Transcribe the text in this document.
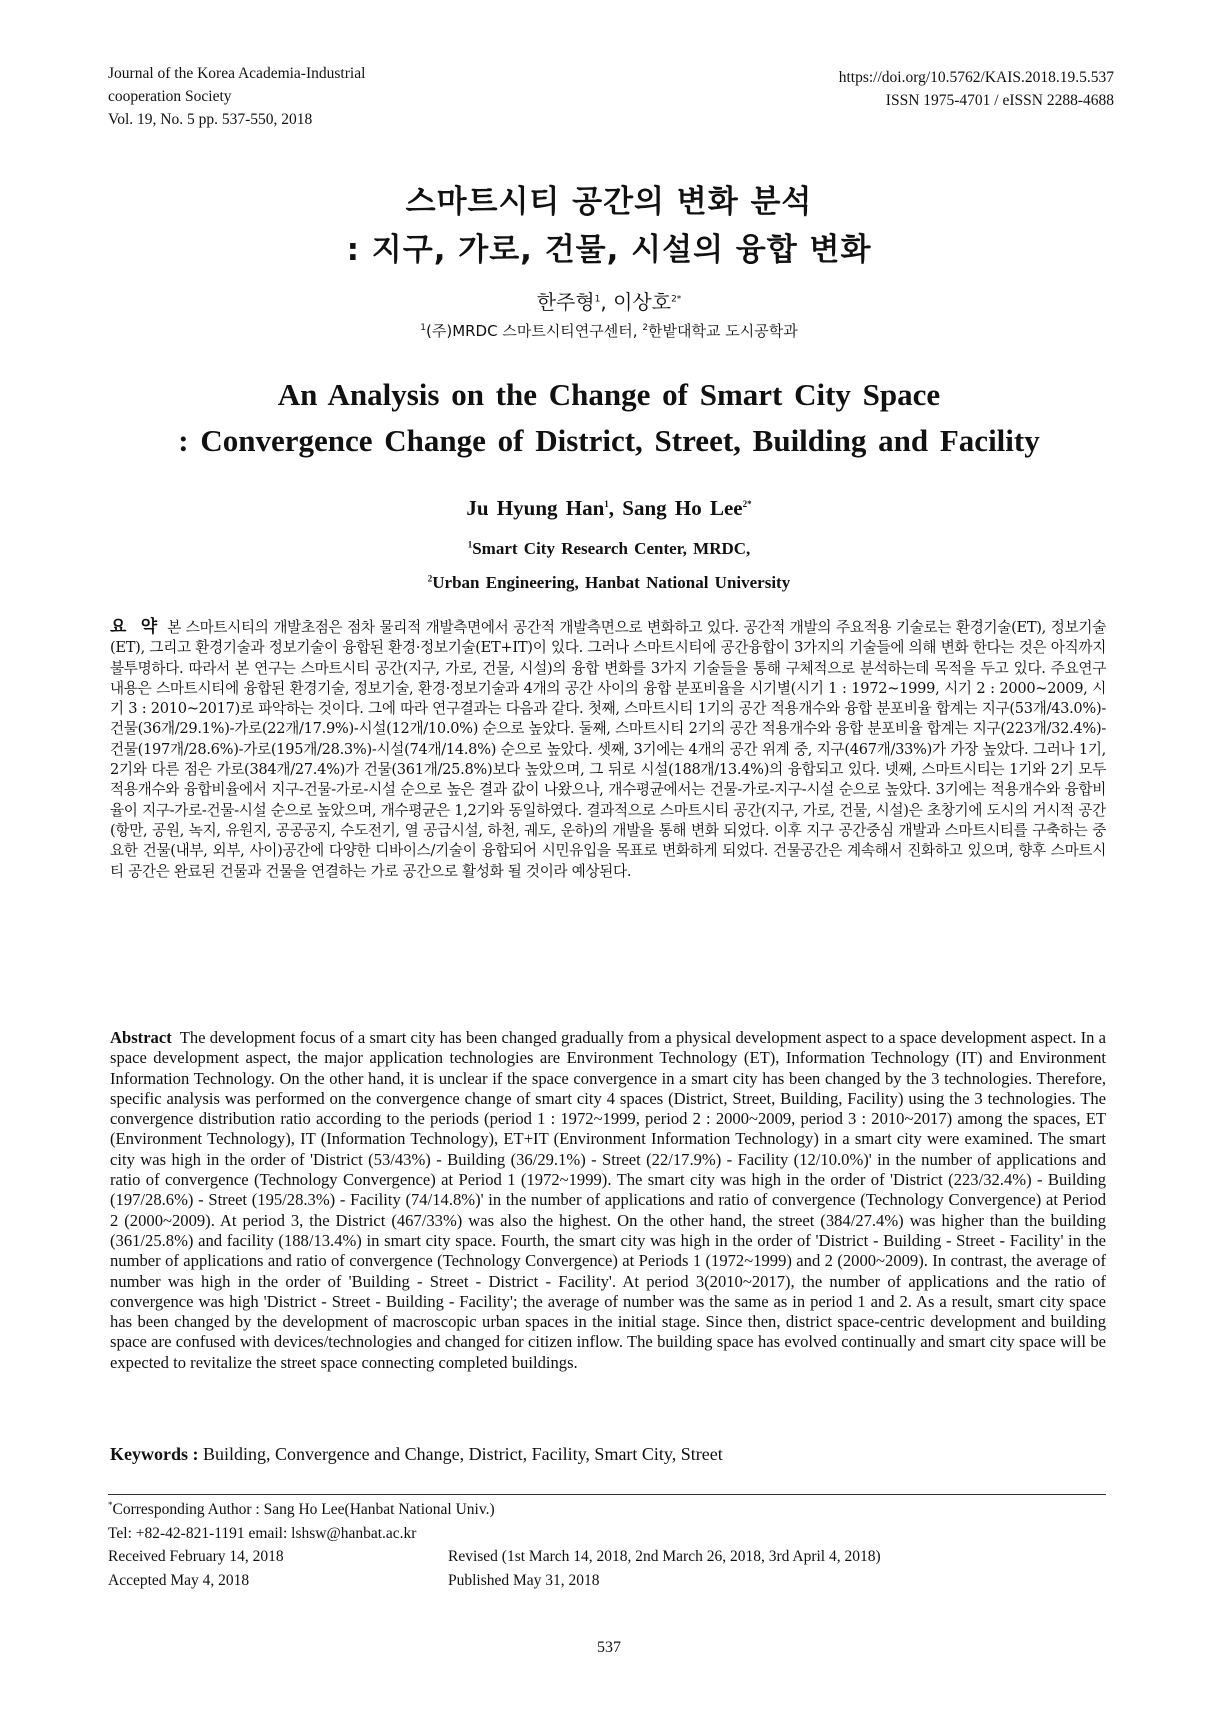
Journal of the Korea Academia-Industrial
cooperation Society
Vol. 19, No. 5 pp. 537-550, 2018
https://doi.org/10.5762/KAIS.2018.19.5.537
ISSN 1975-4701 / eISSN 2288-4688
스마트시티 공간의 변화 분석
: 지구, 가로, 건물, 시설의 융합 변화
한주형$^1$, 이상호$^{2*}$
$^1$(주)MRDC 스마트시티연구센터, $^2$한밭대학교 도시공학과
An Analysis on the Change of Smart City Space
: Convergence Change of District, Street, Building and Facility
Ju Hyung Han$^1$, Sang Ho Lee$^{2*}$
$^1$Smart City Research Center, MRDC,
$^2$Urban Engineering, Hanbat National University
요 약 본 스마트시티의 개발초점은 점차 물리적 개발측면에서 공간적 개발측면으로 변화하고 있다. 공간적 개발의 주요적용 기술로는 환경기술(ET), 정보기술(ET), 그리고 환경기술과 정보기술이 융합된 환경·정보기술(ET+IT)이 있다. 그러나 스마트시티에 공간융합이 3가지의 기술들에 의해 변화 한다는 것은 아직까지 불투명하다. 따라서 본 연구는 스마트시티 공간(지구, 가로, 건물, 시설)의 융합 변화를 3가지 기술들을 통해 구체적으로 분석하는데 목적을 두고 있다. 주요연구 내용은 스마트시티에 융합된 환경기술, 정보기술, 환경·정보기술과 4개의 공간 사이의 융합 분포비율을 시기별(시기 1 : 1972~1999, 시기 2 : 2000~2009, 시기 3 : 2010~2017)로 파악하는 것이다. 그에 따라 연구결과는 다음과 같다. 첫째, 스마트시티 1기의 공간 적용개수와 융합 분포비율 합계는 지구(53개/43.0%)-건물(36개/29.1%)-가로(22개/17.9%)-시설(12개/10.0%) 순으로 높았다. 둘째, 스마트시티 2기의 공간 적용개수와 융합 분포비율 합계는 지구(223개/32.4%)-건물(197개/28.6%)-가로(195개/28.3%)-시설(74개/14.8%) 순으로 높았다. 셋째, 3기에는 4개의 공간 위계 중, 지구(467개/33%)가 가장 높았다. 그러나 1기, 2기와 다른 점은 가로(384개/27.4%)가 건물(361개/25.8%)보다 높았으며, 그 뒤로 시설(188개/13.4%)의 융합되고 있다. 넷째, 스마트시티는 1기와 2기 모두 적용개수와 융합비율에서 지구-건물-가로-시설 순으로 높은 결과 값이 나왔으나, 개수평균에서는 건물-가로-지구-시설 순으로 높았다. 3기에는 적용개수와 융합비율이 지구-가로-건물-시설 순으로 높았으며, 개수평균은 1,2기와 동일하였다. 결과적으로 스마트시티 공간(지구, 가로, 건물, 시설)은 초창기에 도시의 거시적 공간(항만, 공원, 녹지, 유원지, 공공공지, 수도전기, 열 공급시설, 하천, 궤도, 운하)의 개발을 통해 변화 되었다. 이후 지구 공간중심 개발과 스마트시티를 구축하는 중요한 건물(내부, 외부, 사이)공간에 다양한 디바이스/기술이 융합되어 시민유입을 목표로 변화하게 되었다. 건물공간은 계속해서 진화하고 있으며, 향후 스마트시티 공간은 완료된 건물과 건물을 연결하는 가로 공간으로 활성화 될 것이라 예상된다.
Abstract The development focus of a smart city has been changed gradually from a physical development aspect to a space development aspect. In a space development aspect, the major application technologies are Environment Technology (ET), Information Technology (IT) and Environment Information Technology. On the other hand, it is unclear if the space convergence in a smart city has been changed by the 3 technologies. Therefore, specific analysis was performed on the convergence change of smart city 4 spaces (District, Street, Building, Facility) using the 3 technologies. The convergence distribution ratio according to the periods (period 1 : 1972~1999, period 2 : 2000~2009, period 3 : 2010~2017) among the spaces, ET (Environment Technology), IT (Information Technology), ET+IT (Environment Information Technology) in a smart city were examined. The smart city was high in the order of 'District (53/43%) - Building (36/29.1%) - Street (22/17.9%) - Facility (12/10.0%)' in the number of applications and ratio of convergence (Technology Convergence) at Period 1 (1972~1999). The smart city was high in the order of 'District (223/32.4%) - Building (197/28.6%) - Street (195/28.3%) - Facility (74/14.8%)' in the number of applications and ratio of convergence (Technology Convergence) at Period 2 (2000~2009). At period 3, the District (467/33%) was also the highest. On the other hand, the street (384/27.4%) was higher than the building (361/25.8%) and facility (188/13.4%) in smart city space. Fourth, the smart city was high in the order of 'District - Building - Street - Facility' in the number of applications and ratio of convergence (Technology Convergence) at Periods 1 (1972~1999) and 2 (2000~2009). In contrast, the average of number was high in the order of 'Building - Street - District - Facility'. At period 3(2010~2017), the number of applications and the ratio of convergence was high 'District - Street - Building - Facility'; the average of number was the same as in period 1 and 2. As a result, smart city space has been changed by the development of macroscopic urban spaces in the initial stage. Since then, district space-centric development and building space are confused with devices/technologies and changed for citizen inflow. The building space has evolved continually and smart city space will be expected to revitalize the street space connecting completed buildings.
Keywords : Building, Convergence and Change, District, Facility, Smart City, Street
*Corresponding Author : Sang Ho Lee(Hanbat National Univ.)
Tel: +82-42-821-1191 email: lshsw@hanbat.ac.kr
Received February 14, 2018	Revised (1st March 14, 2018, 2nd March 26, 2018, 3rd April 4, 2018)
Accepted May 4, 2018	Published May 31, 2018
537
